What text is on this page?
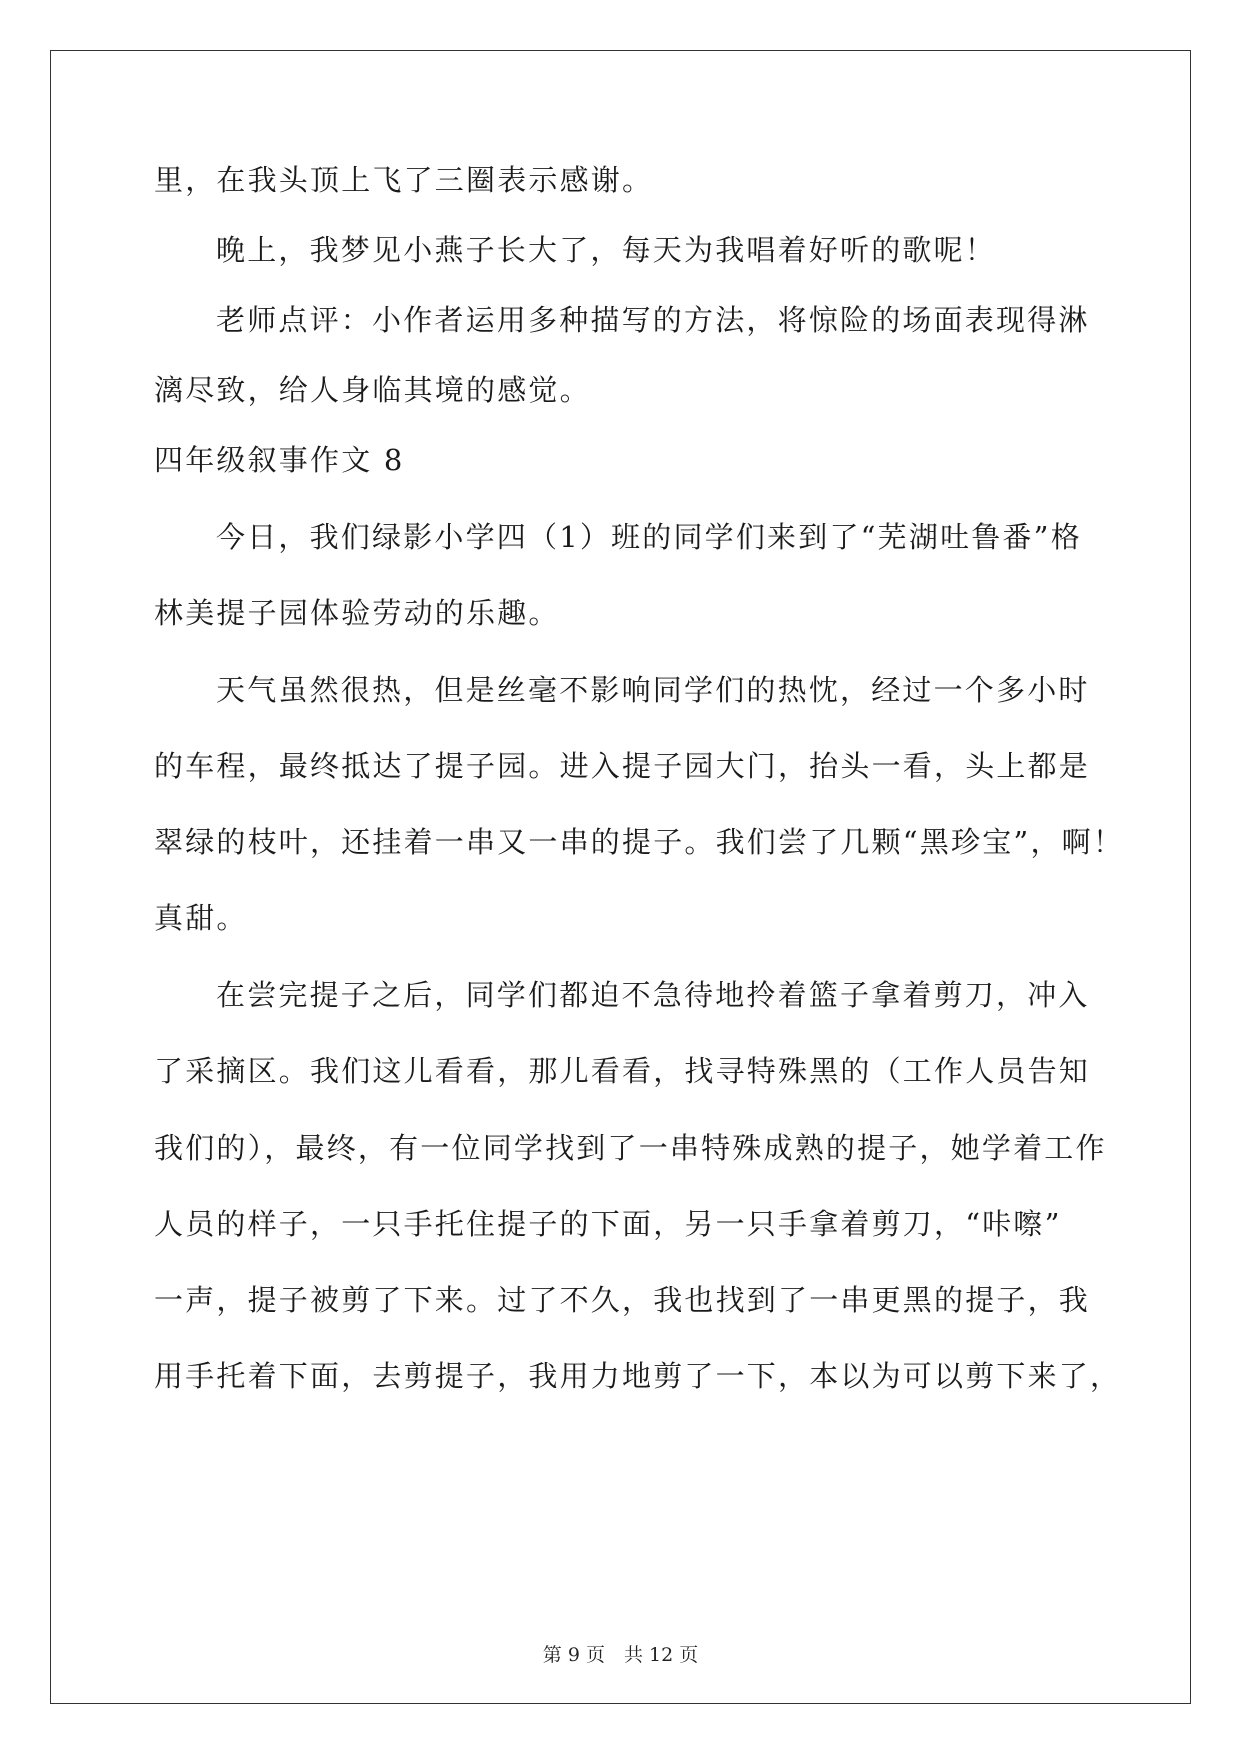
里，在我头顶上飞了三圈表示感谢。
晚上，我梦见小燕子长大了，每天为我唱着好听的歌呢！
老师点评：小作者运用多种描写的方法，将惊险的场面表现得淋
漓尽致，给人身临其境的感觉。
四年级叙事作文 8
今日，我们绿影小学四（1）班的同学们来到了“芜湖吐鲁番”格
林美提子园体验劳动的乐趣。
天气虽然很热，但是丝毫不影响同学们的热忱，经过一个多小时
的车程，最终抵达了提子园。进入提子园大门，抬头一看，头上都是
翠绿的枝叶，还挂着一串又一串的提子。我们尝了几颗“黑珍宝”，啊！
真甜。
在尝完提子之后，同学们都迫不急待地拎着篮子拿着剪刀，冲入
了采摘区。我们这儿看看，那儿看看，找寻特殊黑的（工作人员告知
我们的），最终，有一位同学找到了一串特殊成熟的提子，她学着工作
人员的样子，一只手托住提子的下面，另一只手拿着剪刀，“咔嚓”
一声，提子被剪了下来。过了不久，我也找到了一串更黑的提子，我
用手托着下面，去剪提子，我用力地剪了一下，本以为可以剪下来了，
第 9 页　共 12 页
